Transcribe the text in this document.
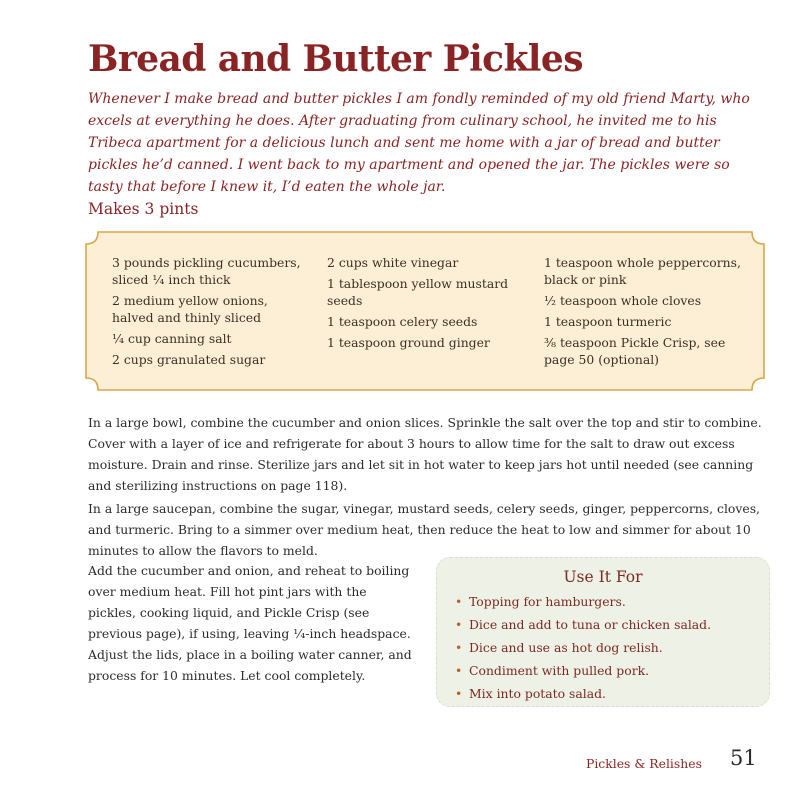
Bread and Butter Pickles

Whenever I make bread and butter pickles I am fondly reminded of my old friend Marty, who excels at everything he does. After graduating from culinary school, he invited me to his Tribeca apartment for a delicious lunch and sent me home with a jar of bread and butter pickles he’d canned. I went back to my apartment and opened the jar. The pickles were so tasty that before I knew it, I’d eaten the whole jar.

Makes 3 pints
3 pounds pickling cucumbers, sliced ¼ inch thick
2 medium yellow onions, halved and thinly sliced
¼ cup canning salt
2 cups granulated sugar
2 cups white vinegar
1 tablespoon yellow mustard seeds
1 teaspoon celery seeds
1 teaspoon ground ginger
1 teaspoon whole peppercorns, black or pink
½ teaspoon whole cloves
1 teaspoon turmeric
⅜ teaspoon Pickle Crisp, see page 50 (optional)

In a large bowl, combine the cucumber and onion slices. Sprinkle the salt over the top and stir to combine. Cover with a layer of ice and refrigerate for about 3 hours to allow time for the salt to draw out excess moisture. Drain and rinse. Sterilize jars and let sit in hot water to keep jars hot until needed (see canning and sterilizing instructions on page 118).

In a large saucepan, combine the sugar, vinegar, mustard seeds, celery seeds, ginger, peppercorns, cloves, and turmeric. Bring to a simmer over medium heat, then reduce the heat to low and simmer for about 10 minutes to allow the flavors to meld.

Add the cucumber and onion, and reheat to boiling over medium heat. Fill hot pint jars with the pickles, cooking liquid, and Pickle Crisp (see previous page), if using, leaving ¼-inch headspace. Adjust the lids, place in a boiling water canner, and process for 10 minutes. Let cool completely.

Use It For
• Topping for hamburgers.
• Dice and add to tuna or chicken salad.
• Dice and use as hot dog relish.
• Condiment with pulled pork.
• Mix into potato salad.
Pickles & Relishes 51
